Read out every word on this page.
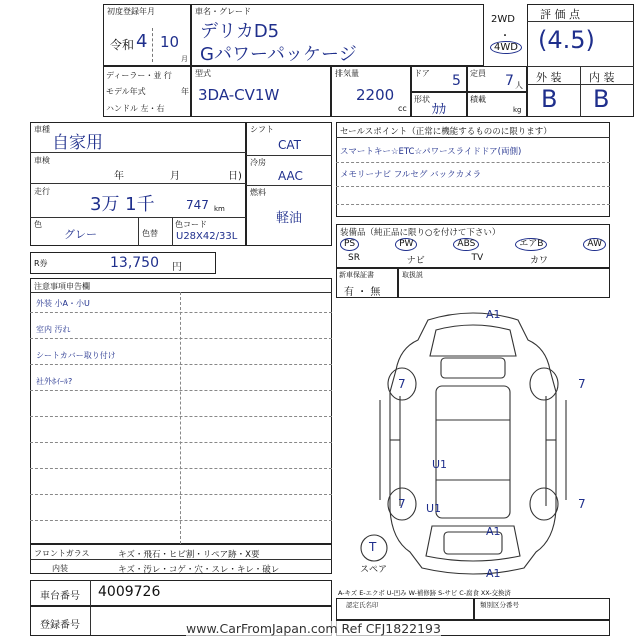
初度登録年月
令和 4 10
月
車名・グレード
デリカD5
Gパワーパッケージ
2WD
・
4WD
評 価 点
(4.5)
外 装	内 装
B B
ディーラー・並 行
モデル年式	年
ハンドル 左・右
型式
3DA-CV1W
排気量
2200
cc
ドア 5 定員 7 人
形状
ｶｶ
積載
kg
車種
自家用
車検
年	月	日)
走行
3万 1千	747 km
色
グレー	色替
色コード
U28X42/33L
シフト
CAT
冷房
AAC
燃料
軽油
R券	13,750 円
セールスポイント（正常に機能するもののに限ります）
スマートキー☆ETC☆パワースライドドア(両側)
メモリーナビ フルセグ バックカメラ
装備品（純正品に限り○を付けて下さい）
PS	PW	ABS	エアB	AW
SR	ナビ	TV	カワ
新車保証書
有 ・ 無
取扱説
注意事項申告欄
外装 小A・小U
室内 汚れ
シートカバー取り付け
社外ﾎｲｰﾙ?
A1
7	7
U1
7 U1	7
A1
A1
T
スペア
A-キズ E-エクボ U-凹み W-補修跡 S-サビ C-腐食 XX-交換済
認定氏名印	類別区分番号
フロントガラス	キズ・飛石・ヒビ割・リペア跡・X要
内装	キズ・汚レ・コゲ・穴・スレ・キレ・破レ
車台番号 4009726
登録番号	www.CarFromJapan.com Ref CFJ1822193
